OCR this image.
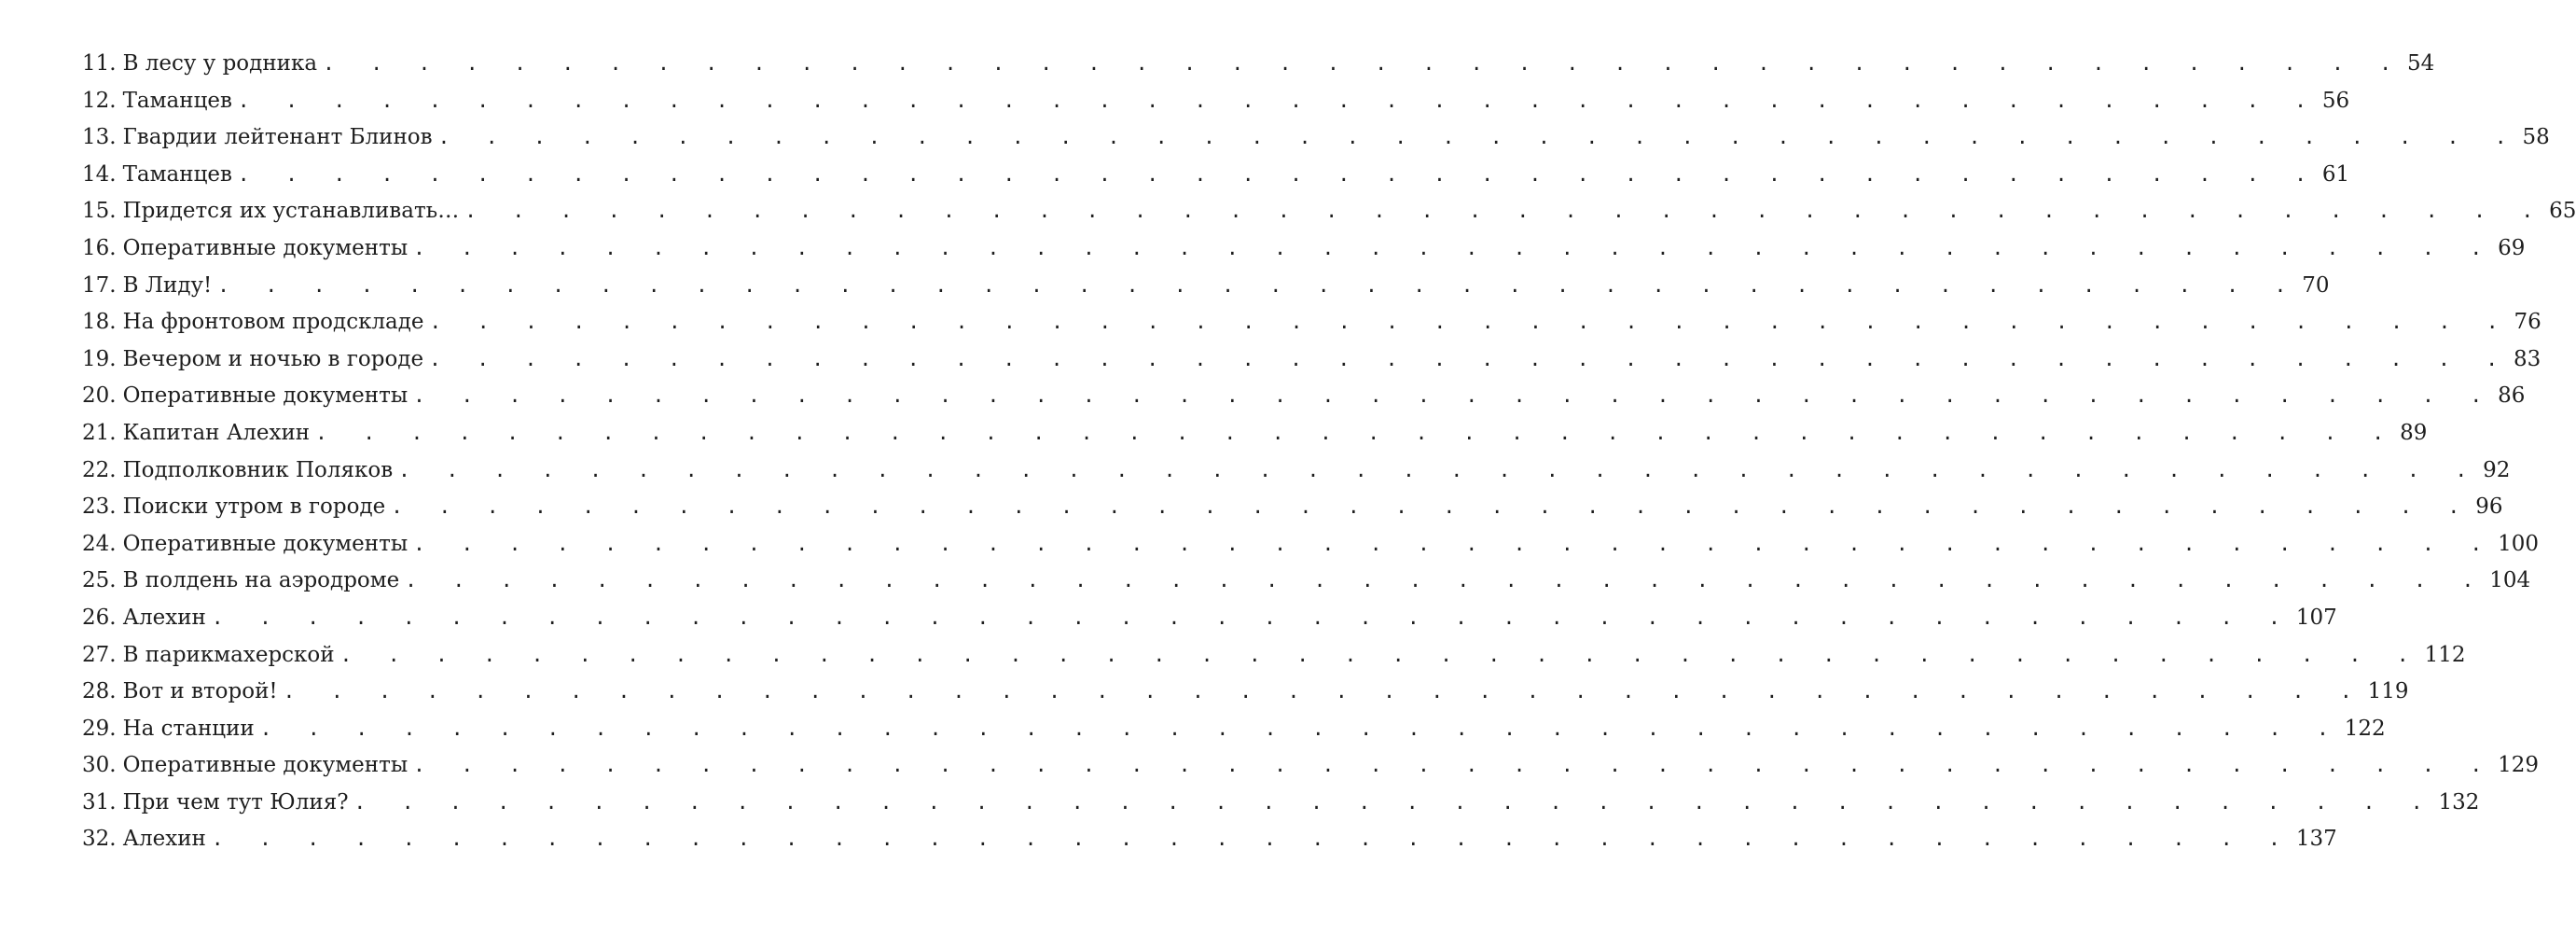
11. В лесу у родника . . . . . . . . . . . . . . . . . . . . . . . . . . . . . . . . . . . . . . . . . . . . 54
12. Таманцев . . . . . . . . . . . . . . . . . . . . . . . . . . . . . . . . . . . . . . . . . . . . 56
13. Гвардии лейтенант Блинов . . . . . . . . . . . . . . . . . . . . . . . . . . . . . . . . . . . . . . . . . . . . 58
14. Таманцев . . . . . . . . . . . . . . . . . . . . . . . . . . . . . . . . . . . . . . . . . . . . 61
15. Придется их устанавливать… . . . . . . . . . . . . . . . . . . . . . . . . . . . . . . . . . . . . . . . . . . . . 65
16. Оперативные документы . . . . . . . . . . . . . . . . . . . . . . . . . . . . . . . . . . . . . . . . . . . . 69
17. В Лиду! . . . . . . . . . . . . . . . . . . . . . . . . . . . . . . . . . . . . . . . . . . . . 70
18. На фронтовом продскладе . . . . . . . . . . . . . . . . . . . . . . . . . . . . . . . . . . . . . . . . . . . . 76
19. Вечером и ночью в городе . . . . . . . . . . . . . . . . . . . . . . . . . . . . . . . . . . . . . . . . . . . . 83
20. Оперативные документы . . . . . . . . . . . . . . . . . . . . . . . . . . . . . . . . . . . . . . . . . . . . 86
21. Капитан Алехин . . . . . . . . . . . . . . . . . . . . . . . . . . . . . . . . . . . . . . . . . . . . 89
22. Подполковник Поляков . . . . . . . . . . . . . . . . . . . . . . . . . . . . . . . . . . . . . . . . . . . . 92
23. Поиски утром в городе . . . . . . . . . . . . . . . . . . . . . . . . . . . . . . . . . . . . . . . . . . . . 96
24. Оперативные документы . . . . . . . . . . . . . . . . . . . . . . . . . . . . . . . . . . . . . . . . . . . . 100
25. В полдень на аэродроме . . . . . . . . . . . . . . . . . . . . . . . . . . . . . . . . . . . . . . . . . . . . 104
26. Алехин . . . . . . . . . . . . . . . . . . . . . . . . . . . . . . . . . . . . . . . . . . . . 107
27. В парикмахерской . . . . . . . . . . . . . . . . . . . . . . . . . . . . . . . . . . . . . . . . . . . . 112
28. Вот и второй! . . . . . . . . . . . . . . . . . . . . . . . . . . . . . . . . . . . . . . . . . . . . 119
29. На станции . . . . . . . . . . . . . . . . . . . . . . . . . . . . . . . . . . . . . . . . . . . . 122
30. Оперативные документы . . . . . . . . . . . . . . . . . . . . . . . . . . . . . . . . . . . . . . . . . . . . 129
31. При чем тут Юлия? . . . . . . . . . . . . . . . . . . . . . . . . . . . . . . . . . . . . . . . . . . . . 132
32. Алехин . . . . . . . . . . . . . . . . . . . . . . . . . . . . . . . . . . . . . . . . . . . . 137
